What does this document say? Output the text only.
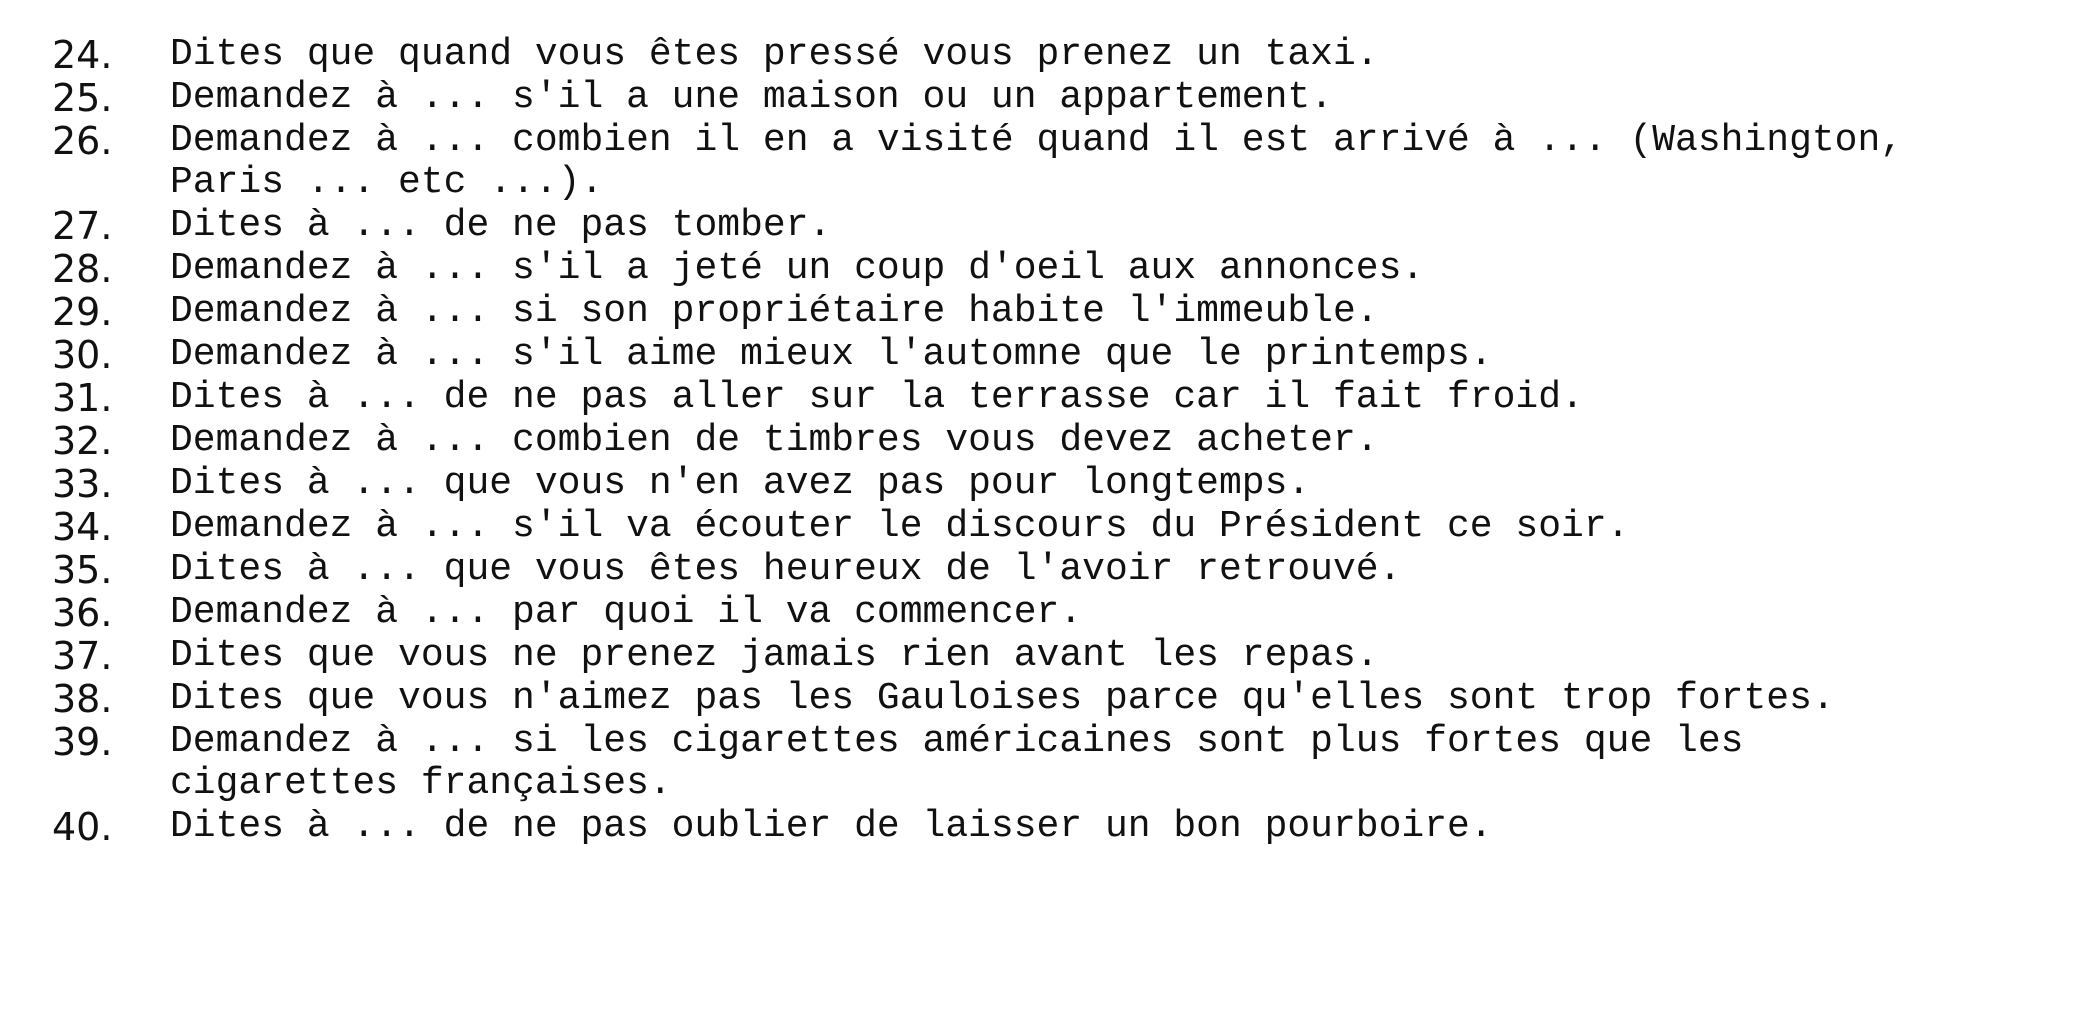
24.	Dites que quand vous êtes pressé vous prenez un taxi.
25.	Demandez à ... s'il a une maison ou un appartement.
26.	Demandez à ... combien il en a visité quand il est arrivé à ... (Washington,
Paris ... etc ...).
27.	Dites à ... de ne pas tomber.
28.	Demandez à ... s'il a jeté un coup d'oeil aux annonces.
29.	Demandez à ... si son propriétaire habite l'immeuble.
30.	Demandez à ... s'il aime mieux l'automne que le printemps.
31.	Dites à ... de ne pas aller sur la terrasse car il fait froid.
32.	Demandez à ... combien de timbres vous devez acheter.
33.	Dites à ... que vous n'en avez pas pour longtemps.
34.	Demandez à ... s'il va écouter le discours du Président ce soir.
35.	Dites à ... que vous êtes heureux de l'avoir retrouvé.
36.	Demandez à ... par quoi il va commencer.
37.	Dites que vous ne prenez jamais rien avant les repas.
38.	Dites que vous n'aimez pas les Gauloises parce qu'elles sont trop fortes.
39.	Demandez à ... si les cigarettes américaines sont plus fortes que les
cigarettes françaises.
40.	Dites à ... de ne pas oublier de laisser un bon pourboire.
